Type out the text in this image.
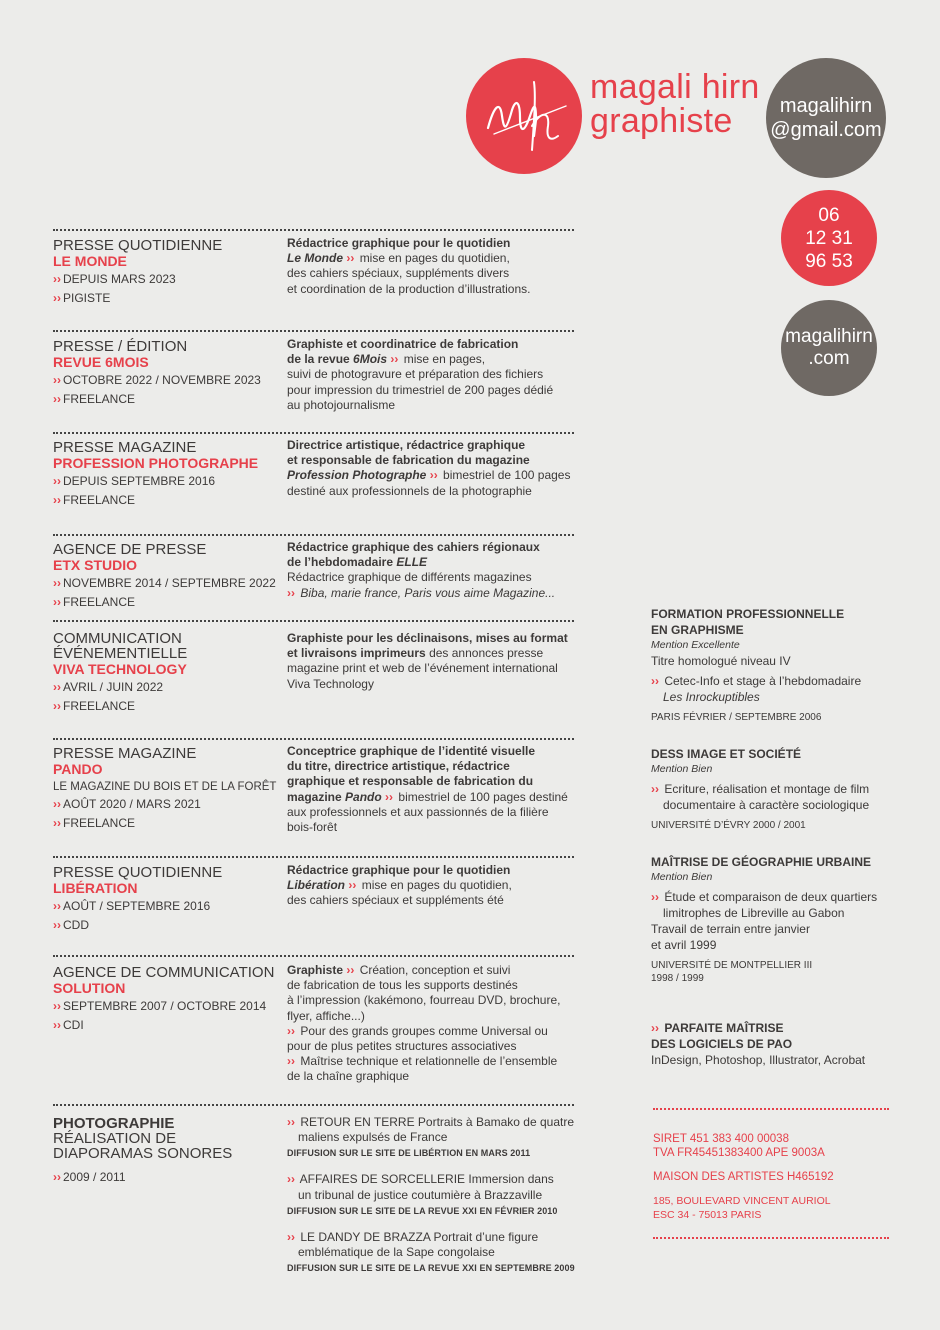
magali hirn
graphiste	magalihirn
@gmail.com
06
12 31
96 53
magalihirn
.com
PRESSE QUOTIDIENNE
LE MONDE
›› DEPUIS MARS 2023
›› PIGISTE
PRESSE / ÉDITION
REVUE 6MOIS
›› OCTOBRE 2022 / NOVEMBRE 2023
›› FREELANCE
PRESSE MAGAZINE
PROFESSION PHOTOGRAPHE
›› DEPUIS SEPTEMBRE 2016
›› FREELANCE
AGENCE DE PRESSE
ETX STUDIO
›› NOVEMBRE 2014 / SEPTEMBRE 2022
›› FREELANCE
COMMUNICATION
ÉVÉNEMENTIELLE
VIVA TECHNOLOGY
›› AVRIL / JUIN 2022
›› FREELANCE
PRESSE MAGAZINE
PANDO
LE MAGAZINE DU BOIS ET DE LA FORÊT
›› AOÛT 2020 / MARS 2021
›› FREELANCE
PRESSE QUOTIDIENNE
LIBÉRATION
›› AOÛT / SEPTEMBRE 2016
›› CDD
AGENCE DE COMMUNICATION
SOLUTION
›› SEPTEMBRE 2007 / OCTOBRE 2014
›› CDI
Rédactrice graphique pour le quotidien
Le Monde ›› mise en pages du quotidien,
des cahiers spéciaux, suppléments divers
et coordination de la production d’illustrations.
Graphiste et coordinatrice de fabrication
de la revue 6Mois ›› mise en pages,
suivi de photogravure et préparation des fichiers
pour impression du trimestriel de 200 pages dédié
au photojournalisme
Directrice artistique, rédactrice graphique
et responsable de fabrication du magazine
Profession Photographe ›› bimestriel de 100 pages
destiné aux professionnels de la photographie
Rédactrice graphique des cahiers régionaux
de l’hebdomadaire ELLE
Rédactrice graphique de différents magazines
›› Biba, marie france, Paris vous aime Magazine...
Graphiste pour les déclinaisons, mises au format
et livraisons imprimeurs des annonces presse
magazine print et web de l’événement international
Viva Technology
Conceptrice graphique de l’identité visuelle
du titre, directrice artistique, rédactrice
graphique et responsable de fabrication du
magazine Pando ›› bimestriel de 100 pages destiné
aux professionnels et aux passionnés de la filière
bois-forêt
Rédactrice graphique pour le quotidien
Libération ›› mise en pages du quotidien,
des cahiers spéciaux et suppléments été
Graphiste ›› Création, conception et suivi
de fabrication de tous les supports destinés
à l’impression (kakémono, fourreau DVD, brochure,
flyer, affiche...)
›› Pour des grands groupes comme Universal ou
pour de plus petites structures associatives
›› Maîtrise technique et relationnelle de l’ensemble
de la chaîne graphique
PHOTOGRAPHIE
RÉALISATION DE
DIAPORAMAS SONORES
›› 2009 / 2011
›› RETOUR EN TERRE Portraits à Bamako de quatre
maliens expulsés de France
DIFFUSION SUR LE SITE DE LIBÉRTION EN MARS 2011
›› AFFAIRES DE SORCELLERIE Immersion dans
un tribunal de justice coutumière à Brazzaville
DIFFUSION SUR LE SITE DE LA REVUE XXI EN FÉVRIER 2010
›› LE DANDY DE BRAZZA Portrait d’une figure
emblématique de la Sape congolaise
DIFFUSION SUR LE SITE DE LA REVUE XXI EN SEPTEMBRE 2009
FORMATION PROFESSIONNELLE
EN GRAPHISME
Mention Excellente
Titre homologué niveau IV
›› Cetec-Info et stage à l’hebdomadaire
Les Inrockuptibles
PARIS FÉVRIER / SEPTEMBRE 2006
DESS IMAGE ET SOCIÉTÉ
Mention Bien
›› Ecriture, réalisation et montage de film
documentaire à caractère sociologique
UNIVERSITÉ D’ÉVRY 2000 / 2001
MAÎTRISE DE GÉOGRAPHIE URBAINE
Mention Bien
›› Étude et comparaison de deux quartiers
limitrophes de Libreville au Gabon
Travail de terrain entre janvier
et avril 1999
UNIVERSITÉ DE MONTPELLIER III
1998 / 1999
›› PARFAITE MAÎTRISE
DES LOGICIELS DE PAO
InDesign, Photoshop, Illustrator, Acrobat
SIRET 451 383 400 00038
TVA FR45451383400 APE 9003A
MAISON DES ARTISTES H465192
185, BOULEVARD VINCENT AURIOL
ESC 34 - 75013 PARIS
